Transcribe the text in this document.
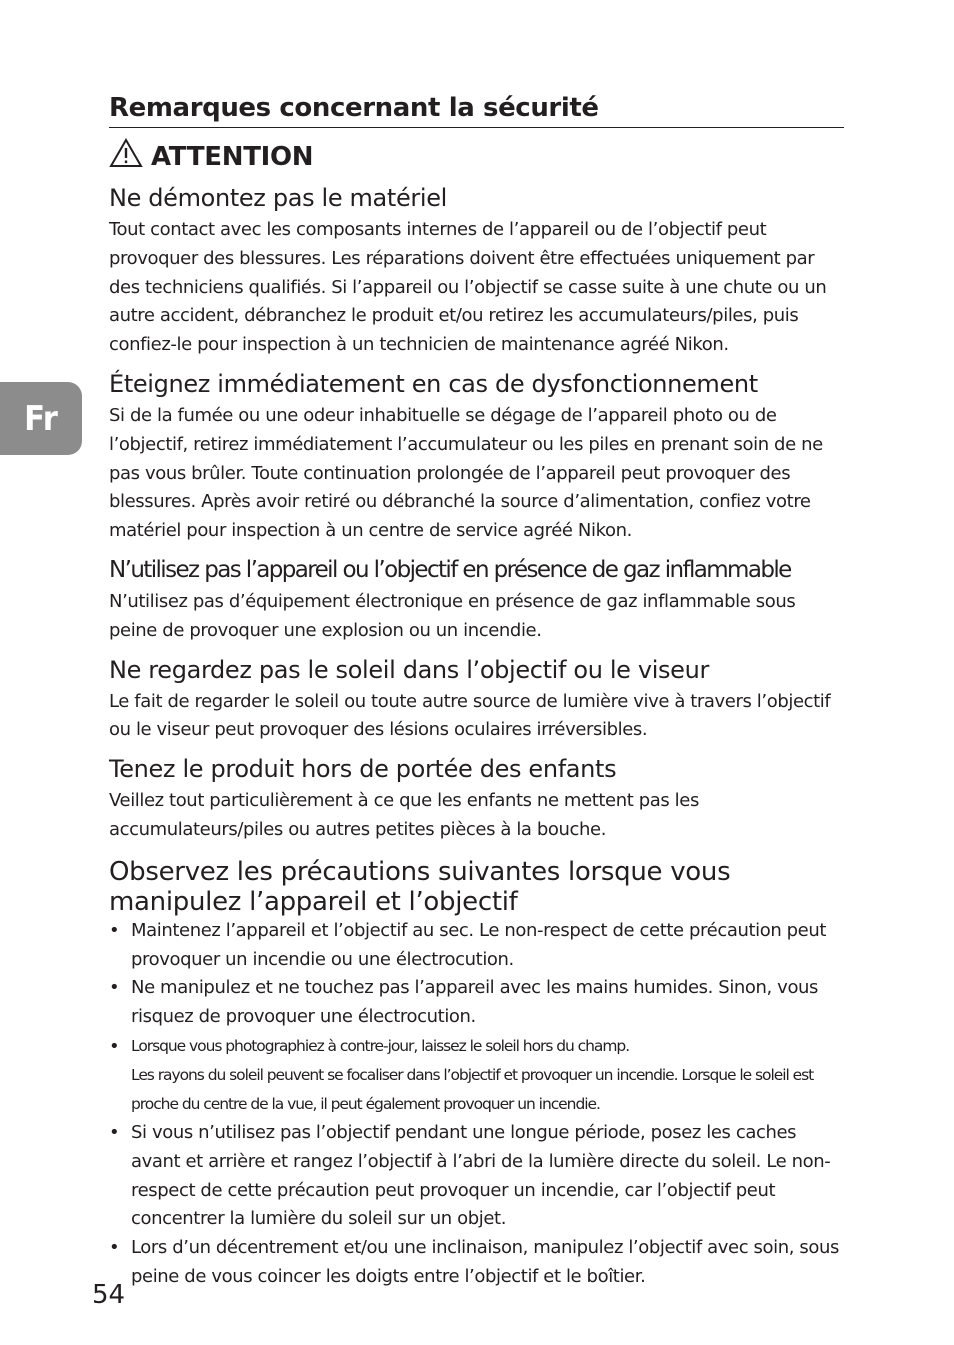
Fr
Remarques concernant la sécurité
ATTENTION
Ne démontez pas le matériel

Tout contact avec les composants internes de l’appareil ou de l’objectif peut provoquer des blessures. Les réparations doivent être effectuées uniquement par des techniciens qualifiés. Si l’appareil ou l’objectif se casse suite à une chute ou un autre accident, débranchez le produit et/ou retirez les accumulateurs/piles, puis confiez-le pour inspection à un technicien de maintenance agréé Nikon.

Éteignez immédiatement en cas de dysfonctionnement

Si de la fumée ou une odeur inhabituelle se dégage de l’appareil photo ou de l’objectif, retirez immédiatement l’accumulateur ou les piles en prenant soin de ne pas vous brûler. Toute continuation prolongée de l’appareil peut provoquer des blessures. Après avoir retiré ou débranché la source d’alimentation, confiez votre matériel pour inspection à un centre de service agréé Nikon.

N’utilisez pas l’appareil ou l’objectif en présence de gaz inflammable

N’utilisez pas d’équipement électronique en présence de gaz inflammable sous peine de provoquer une explosion ou un incendie.

Ne regardez pas le soleil dans l’objectif ou le viseur

Le fait de regarder le soleil ou toute autre source de lumière vive à travers l’objectif ou le viseur peut provoquer des lésions oculaires irréversibles.

Tenez le produit hors de portée des enfants

Veillez tout particulièrement à ce que les enfants ne mettent pas les accumulateurs/piles ou autres petites pièces à la bouche.

Observez les précautions suivantes lorsque vous manipulez l’appareil et l’objectif
• Maintenez l’appareil et l’objectif au sec. Le non-respect de cette précaution peut provoquer un incendie ou une électrocution.
• Ne manipulez et ne touchez pas l’appareil avec les mains humides. Sinon, vous risquez de provoquer une électrocution.
• Lorsque vous photographiez à contre-jour, laissez le soleil hors du champ.
Les rayons du soleil peuvent se focaliser dans l’objectif et provoquer un incendie. Lorsque le soleil est proche du centre de la vue, il peut également provoquer un incendie.
• Si vous n’utilisez pas l’objectif pendant une longue période, posez les caches avant et arrière et rangez l’objectif à l’abri de la lumière directe du soleil. Le non-respect de cette précaution peut provoquer un incendie, car l’objectif peut concentrer la lumière du soleil sur un objet.
• Lors d’un décentrement et/ou une inclinaison, manipulez l’objectif avec soin, sous peine de vous coincer les doigts entre l’objectif et le boîtier.

54
